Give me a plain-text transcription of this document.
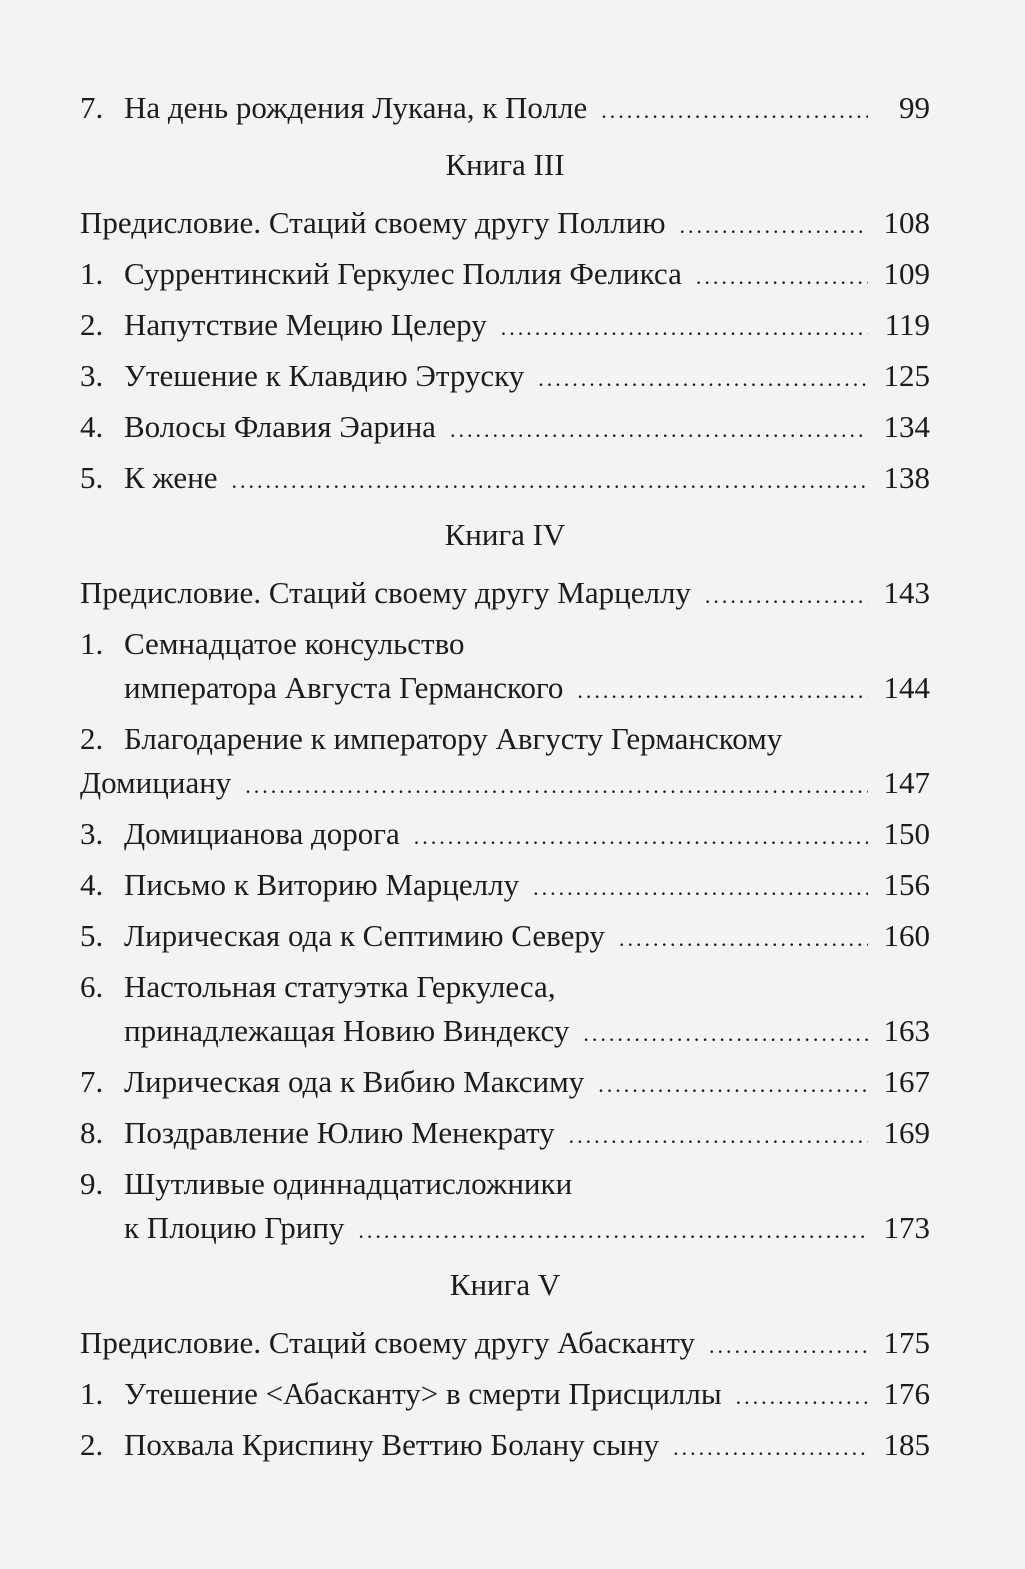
7. На день рождения Лукана, к Полле .....	99
Книга III
Предисловие. Стаций своему другу Поллию .....	108
1. Суррентинский Геркулес Поллия Феликса .....	109
2. Напутствие Мецию Целеру .....	119
3. Утешение к Клавдию Этруску .....	125
4. Волосы Флавия Эарина .....	134
5. К жене .....	138
Книга IV
Предисловие. Стаций своему другу Марцеллу .....	143
1. Семнадцатое консульство
императора Августа Германского .....	144
2. Благодарение к императору Августу Германскому
Домициану .....	147
3. Домицианова дорога .....	150
4. Письмо к Виторию Марцеллу .....	156
5. Лирическая ода к Септимию Северу .....	160
6. Настольная статуэтка Геркулеса,
принадлежащая Новию Виндексу .....	163
7. Лирическая ода к Вибию Максиму .....	167
8. Поздравление Юлию Менекрату .....	169
9. Шутливые одиннадцатисложники
к Плоцию Грипу .....	173
Книга V
Предисловие. Стаций своему другу Абасканту .....	175
1. Утешение <Абасканту> в смерти Присциллы .....	176
2. Похвала Криспину Веттию Болану сыну .....	185
